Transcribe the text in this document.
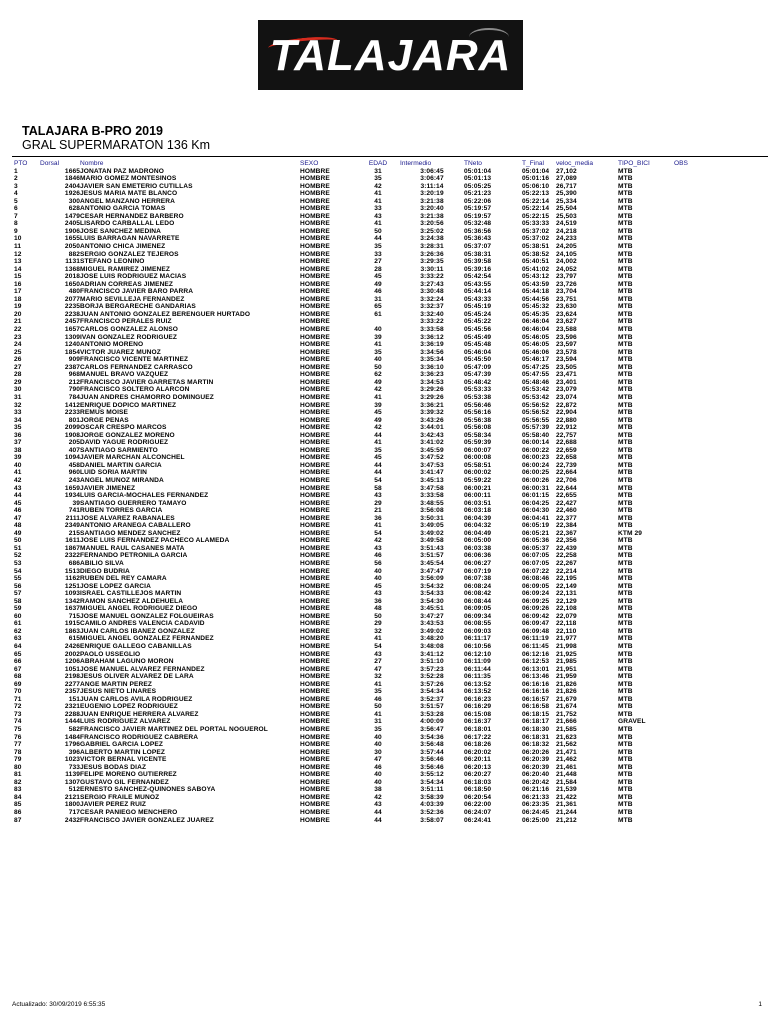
TALAJARA
TALAJARA B-PRO 2019
GRAL SUPERMARATON 136 Km
PTO	Dorsal	Nombre	SEXO	EDAD	Intermedio	TNeto	T_Final	veloc_media	TIPO_BICI	OBS
1	1665	JONATAN PAZ MADROÑO	HOMBRE	31	3:06:45	05:01:04	05:01:04	27,102	MTB	
2	1846	MARIO GOMEZ MONTESINOS	HOMBRE	35	3:06:47	05:01:13	05:01:16	27,089	MTB	
3	2404	JAVIER SAN EMETERIO CUTILLAS	HOMBRE	42	3:11:14	05:05:25	05:06:10	26,717	MTB	
4	1926	JESUS MARIA MATE BLANCO	HOMBRE	41	3:20:19	05:21:23	05:22:13	25,390	MTB	
5	300	ANGEL MANZANO HERRERA	HOMBRE	41	3:21:38	05:22:06	05:22:14	25,334	MTB	
6	628	ANTONIO GARCIA TOMAS	HOMBRE	33	3:20:40	05:19:57	05:22:14	25,504	MTB	
7	1479	CESAR HERNANDEZ BARBERO	HOMBRE	43	3:21:38	05:19:57	05:22:15	25,503	MTB	
8	2405	LISARDO CARBALLAL LEDO	HOMBRE	41	3:20:56	05:32:48	05:33:33	24,519	MTB	
9	1906	JOSE SANCHEZ MEDINA	HOMBRE	50	3:25:02	05:36:56	05:37:02	24,218	MTB	
10	1655	LUIS BARRAGAN NAVARRETE	HOMBRE	44	3:24:38	05:36:43	05:37:02	24,233	MTB	
11	2050	ANTONIO CHICA JIMENEZ	HOMBRE	35	3:28:31	05:37:07	05:38:51	24,205	MTB	
12	882	SERGIO GONZALEZ TEJEROS	HOMBRE	33	3:26:36	05:38:31	05:38:52	24,105	MTB	
13	1131	STEFANO LEONINO	HOMBRE	27	3:29:35	05:39:58	05:40:51	24,002	MTB	
14	1368	MIGUEL RAMIREZ JIMENEZ	HOMBRE	28	3:30:11	05:39:16	05:41:02	24,052	MTB	
15	2018	JOSE LUIS RODRIGUEZ MACIAS	HOMBRE	45	3:33:22	05:42:54	05:43:12	23,797	MTB	
16	1650	ADRIAN CORREAS JIMENEZ	HOMBRE	49	3:27:43	05:43:55	05:43:59	23,726	MTB	
17	480	FRANCISCO JAVIER BARO PARRA	HOMBRE	46	3:30:48	05:44:14	05:44:18	23,704	MTB	
18	2077	MARIO SEVILLEJA FERNANDEZ	HOMBRE	31	3:32:24	05:43:33	05:44:56	23,751	MTB	
19	2235	BORJA BERGARECHE GANDARIAS	HOMBRE	65	3:32:37	05:45:19	05:45:32	23,630	MTB	
20	2238	JUAN ANTONIO GONZALEZ BERENGUER HURTADO	HOMBRE	61	3:32:40	05:45:24	05:45:35	23,624	MTB	
21	2457	FRANCISCO PERALES RUIZ	HOMBRE		3:33:22	05:45:22	06:46:04	23,627	MTB	
22	1657	CARLOS GONZALEZ ALONSO	HOMBRE	40	3:33:58	05:45:56	06:46:04	23,588	MTB	
23	1309	IVAN GONZALEZ RODRIGUEZ	HOMBRE	39	3:36:12	05:45:49	05:46:05	23,596	MTB	
24	1240	ANTONIO MORENO	HOMBRE	41	3:36:19	05:45:48	05:46:05	23,597	MTB	
25	1854	VICTOR JUAREZ MUÑOZ	HOMBRE	35	3:34:56	05:46:04	05:46:06	23,578	MTB	
26	909	FRANCISCO VICENTE MARTINEZ	HOMBRE	40	3:35:34	05:45:50	05:46:17	23,594	MTB	
27	2387	CARLOS FERNANDEZ CARRASCO	HOMBRE	50	3:36:10	05:47:09	05:47:25	23,505	MTB	
28	968	MANUEL BRAVO VAZQUEZ	HOMBRE	62	3:36:23	05:47:39	05:47:55	23,471	MTB	
29	212	FRANCISCO JAVIER GARRETAS MARTIN	HOMBRE	49	3:34:53	05:48:42	05:48:46	23,401	MTB	
30	790	FRANCISCO SOLTERO ALARCON	HOMBRE	42	3:29:26	05:53:33	05:53:42	23,079	MTB	
31	784	JUAN ANDRES CHAMORRO DOMINGUEZ	HOMBRE	41	3:29:26	05:53:38	05:53:42	23,074	MTB	
32	1412	ENRIQUE DOPICO MARTINEZ	HOMBRE	39	3:36:21	05:56:46	05:56:52	22,872	MTB	
33	2233	REMUS MOISE	HOMBRE	45	3:39:32	05:56:16	05:56:52	22,904	MTB	
34	801	JORGE PEÑAS	HOMBRE	49	3:43:26	05:56:38	05:56:55	22,880	MTB	
35	2099	OSCAR CRESPO MARCOS	HOMBRE	42	3:44:01	05:56:08	05:57:39	22,912	MTB	
36	1908	JORGE GONZALEZ MORENO	HOMBRE	44	3:42:43	05:58:34	05:58:40	22,757	MTB	
37	205	DAVID YAGUE RODRIGUEZ	HOMBRE	41	3:41:02	05:59:39	06:00:14	22,688	MTB	
38	407	SANTIAGO SARMIENTO	HOMBRE	35	3:45:59	06:00:07	06:00:22	22,659	MTB	
39	1094	JAVIER MARCHAN ALCONCHEL	HOMBRE	45	3:47:52	06:00:08	06:00:23	22,658	MTB	
40	458	DANIEL MARTIN GARCIA	HOMBRE	44	3:47:53	05:58:51	06:00:24	22,739	MTB	
41	960	LUID SORIA MARTIN	HOMBRE	44	3:41:47	06:00:02	06:00:25	22,664	MTB	
42	243	ANGEL MUÑOZ MIRANDA	HOMBRE	54	3:45:13	05:59:22	06:00:26	22,706	MTB	
43	1659	JAVIER JIMENEZ	HOMBRE	58	3:47:58	06:00:21	06:00:31	22,644	MTB	
44	1934	LUIS GARCIA-MOCHALES FERNANDEZ	HOMBRE	43	3:33:58	06:00:11	06:01:15	22,655	MTB	
45	39	SANTIAGO GUERRERO TAMAYO	HOMBRE	29	3:48:55	06:03:51	06:04:25	22,427	MTB	
46	741	RUBEN TORRES GARCIA	HOMBRE	21	3:56:08	06:03:18	06:04:30	22,460	MTB	
47	2111	JOSE ALVAREZ RABANALES	HOMBRE	36	3:50:31	06:04:39	06:04:41	22,377	MTB	
48	2349	ANTONIO ARANEGA CABALLERO	HOMBRE	41	3:49:05	06:04:32	06:05:19	22,384	MTB	
49	215	SANTIAGO MENDEZ SANCHEZ	HOMBRE	54	3:49:02	06:04:49	06:05:21	22,367	KTM 29	
50	1611	JOSE LUIS FERNANDEZ PACHECO ALAMEDA	HOMBRE	42	3:49:58	06:05:00	06:05:36	22,356	MTB	
51	1867	MANUEL RAUL CASANES MATA	HOMBRE	43	3:51:43	06:03:38	06:05:37	22,439	MTB	
52	2322	FERNANDO PETRONILA GARCIA	HOMBRE	46	3:51:57	06:06:36	06:07:05	22,258	MTB	
53	686	ABILIO SILVA	HOMBRE	56	3:45:54	06:06:27	06:07:05	22,267	MTB	
54	1513	DIEGO BUDRIA	HOMBRE	40	3:47:47	06:07:19	06:07:22	22,214	MTB	
55	1162	RUBEN DEL REY CAMARA	HOMBRE	40	3:56:09	06:07:38	06:08:46	22,195	MTB	
56	1251	JOSE LOPEZ GARCIA	HOMBRE	45	3:54:32	06:08:24	06:09:05	22,149	MTB	
57	1093	ISRAEL CASTILLEJOS MARTIN	HOMBRE	43	3:54:33	06:08:42	06:09:24	22,131	MTB	
58	1342	RAMON SANCHEZ ALDEHUELA	HOMBRE	36	3:54:30	06:08:44	06:09:25	22,129	MTB	
59	1637	MIGUEL ANGEL RODRIGUEZ DIEGO	HOMBRE	48	3:45:51	06:09:05	06:09:26	22,108	MTB	
60	715	JOSE MANUEL GONZALEZ FOLGUEIRAS	HOMBRE	50	3:47:27	06:09:34	06:09:42	22,079	MTB	
61	1915	CAMILO ANDRES VALENCIA CADAVID	HOMBRE	29	3:43:53	06:08:55	06:09:47	22,118	MTB	
62	1863	JUAN CARLOS IBAÑEZ GONZALEZ	HOMBRE	32	3:49:02	06:09:03	06:09:48	22,110	MTB	
63	615	MIGUEL ANGEL GONZALEZ FERNANDEZ	HOMBRE	41	3:48:20	06:11:17	06:11:19	21,977	MTB	
64	2426	ENRIQUE GALLEGO CABANILLAS	HOMBRE	54	3:48:08	06:10:56	06:11:45	21,998	MTB	
65	2002	PAOLO USSEGLIO	HOMBRE	43	3:41:12	06:12:10	06:12:16	21,925	MTB	
66	1206	ABRAHAM LAGUNO MORON	HOMBRE	27	3:51:10	06:11:09	06:12:53	21,985	MTB	
67	1051	JOSE MANUEL ALVAREZ FERNANDEZ	HOMBRE	47	3:57:23	06:11:44	06:13:01	21,951	MTB	
68	2198	JESUS OLIVER ALVAREZ DE LARA	HOMBRE	32	3:52:28	06:11:35	06:13:46	21,959	MTB	
69	2277	ANGE MARTIN PEREZ	HOMBRE	41	3:57:26	06:13:52	06:16:16	21,826	MTB	
70	2357	JESUS NIETO LINARES	HOMBRE	35	3:54:34	06:13:52	06:16:16	21,826	MTB	
71	151	JUAN CARLOS AVILA RODRIGUEZ	HOMBRE	46	3:52:37	06:16:23	06:16:57	21,679	MTB	
72	2321	EUGENIO LOPEZ RODRIGUEZ	HOMBRE	50	3:51:57	06:16:29	06:16:58	21,674	MTB	
73	2288	JUAN ENRIQUE HERRERA ALVAREZ	HOMBRE	41	3:53:28	06:15:08	06:18:15	21,752	MTB	
74	1444	LUIS RODRIGUEZ ALVAREZ	HOMBRE	31	4:00:09	06:16:37	06:18:17	21,666	GRAVEL	
75	582	FRANCISCO JAVIER MARTINEZ DEL PORTAL NOGUEROL	HOMBRE	35	3:56:47	06:18:01	06:18:30	21,585	MTB	
76	1484	FRANCISCO RODRIGUEZ CABRERA	HOMBRE	40	3:54:36	06:17:22	06:18:31	21,623	MTB	
77	1796	GABRIEL GARCIA LOPEZ	HOMBRE	40	3:56:48	06:18:26	06:18:32	21,562	MTB	
78	396	ALBERTO MARTIN LOPEZ	HOMBRE	30	3:57:44	06:20:02	06:20:26	21,471	MTB	
79	1023	VICTOR BERNAL VICENTE	HOMBRE	47	3:56:46	06:20:11	06:20:39	21,462	MTB	
80	733	JESUS BODAS DIAZ	HOMBRE	46	3:56:46	06:20:13	06:20:39	21,461	MTB	
81	1139	FELIPE MORENO GUTIERREZ	HOMBRE	40	3:55:12	06:20:27	06:20:40	21,448	MTB	
82	1307	GUSTAVO GIL FERNANDEZ	HOMBRE	40	3:54:34	06:18:03	06:20:42	21,584	MTB	
83	512	ERNESTO SANCHEZ-QUIÑONES SABOYA	HOMBRE	38	3:51:11	06:18:50	06:21:16	21,539	MTB	
84	2121	SERGIO FRAILE MUÑOZ	HOMBRE	42	3:58:39	06:20:54	06:21:33	21,422	MTB	
85	1800	JAVIER PEREZ RUIZ	HOMBRE	43	4:03:39	06:22:00	06:23:35	21,361	MTB	
86	717	CESAR PANIEGO MENCHERO	HOMBRE	44	3:52:36	06:24:07	06:24:45	21,244	MTB	
87	2432	FRANCISCO JAVIER GONZALEZ JUAREZ	HOMBRE	44	3:58:07	06:24:41	06:25:00	21,212	MTB	
Actualizado: 30/09/2019 6:55:35	1
